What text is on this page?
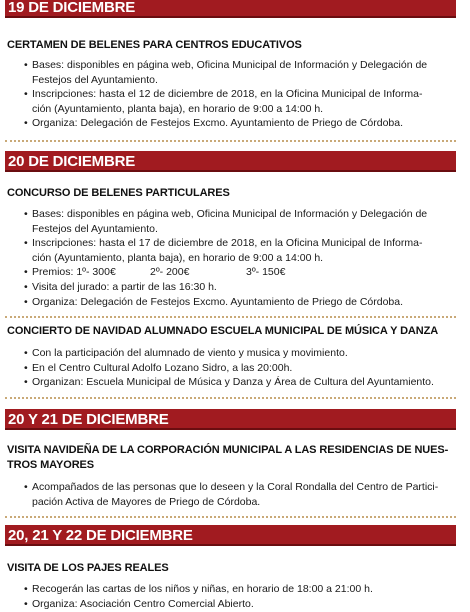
19 DE DICIEMBRE
CERTAMEN DE BELENES PARA CENTROS EDUCATIVOS
• Bases: disponibles en página web, Oficina Municipal de Información y Delegación de
Festejos del Ayuntamiento.
• Inscripciones: hasta el 12 de diciembre de 2018, en la Oficina Municipal de Informa-
ción (Ayuntamiento, planta baja), en horario de 9:00 a 14:00 h.
• Organiza: Delegación de Festejos Excmo. Ayuntamiento de Priego de Córdoba.
20 DE DICIEMBRE
CONCURSO DE BELENES PARTICULARES
• Bases: disponibles en página web, Oficina Municipal de Información y Delegación de
Festejos del Ayuntamiento.
• Inscripciones: hasta el 17 de diciembre de 2018, en la Oficina Municipal de Informa-
ción (Ayuntamiento, planta baja), en horario de 9:00 a 14:00 h.
• Premios: 1º- 300€	2º- 200€	3º- 150€
• Visita del jurado: a partir de las 16:30 h.
• Organiza: Delegación de Festejos Excmo. Ayuntamiento de Priego de Córdoba.
CONCIERTO DE NAVIDAD ALUMNADO ESCUELA MUNICIPAL DE MÚSICA Y DANZA
• Con la participación del alumnado de viento y musica y movimiento.
• En el Centro Cultural Adolfo Lozano Sidro, a las 20:00h.
• Organizan: Escuela Municipal de Música y Danza y Área de Cultura del Ayuntamiento.
20 Y 21 DE DICIEMBRE
VISITA NAVIDEÑA DE LA CORPORACIÓN MUNICIPAL A LAS RESIDENCIAS DE NUES-
TROS MAYORES
• Acompañados de las personas que lo deseen y la Coral Rondalla del Centro de Partici-
pación Activa de Mayores de Priego de Córdoba.
20, 21 Y 22 DE DICIEMBRE
VISITA DE LOS PAJES REALES
• Recogerán las cartas de los niños y niñas, en horario de 18:00 a 21:00 h.
• Organiza: Asociación Centro Comercial Abierto.
